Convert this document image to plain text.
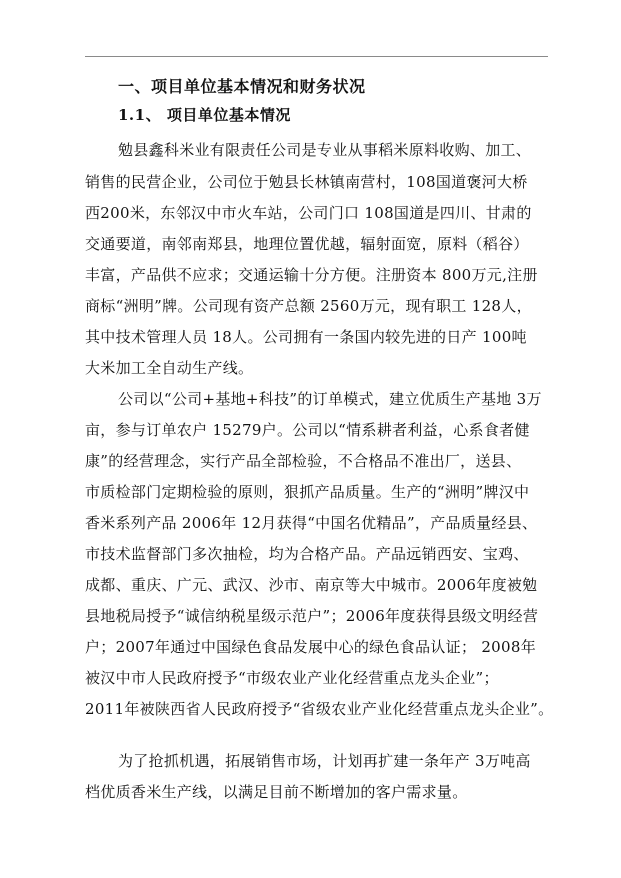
一、项目单位基本情况和财务状况
1.1、 项目单位基本情况
勉县鑫科米业有限责任公司是专业从事稻米原料收购、加工、
销售的民营企业，公司位于勉县长林镇南营村，108国道褒河大桥
西200米，东邻汉中市火车站，公司门口 108国道是四川、甘肃的
交通要道，南邻南郑县，地理位置优越，辐射面宽，原料（稻谷）
丰富，产品供不应求；交通运输十分方便。注册资本 800万元,注册
商标“洲明”牌。公司现有资产总额 2560万元，现有职工 128人，
其中技术管理人员 18人。公司拥有一条国内较先进的日产 100吨
大米加工全自动生产线。
公司以“公司+基地+科技”的订单模式，建立优质生产基地 3万
亩，参与订单农户 15279户。公司以“情系耕者利益，心系食者健
康”的经营理念，实行产品全部检验，不合格品不准出厂，送县、
市质检部门定期检验的原则，狠抓产品质量。生产的“洲明”牌汉中
香米系列产品 2006年 12月获得“中国名优精品”，产品质量经县、
市技术监督部门多次抽检，均为合格产品。产品远销西安、宝鸡、
成都、重庆、广元、武汉、沙市、南京等大中城市。2006年度被勉
县地税局授予“诚信纳税星级示范户”；2006年度获得县级文明经营
户；2007年通过中国绿色食品发展中心的绿色食品认证； 2008年
被汉中市人民政府授予“市级农业产业化经营重点龙头企业”；
2011年被陕西省人民政府授予“省级农业产业化经营重点龙头企业”。
为了抢抓机遇，拓展销售市场，计划再扩建一条年产 3万吨高
档优质香米生产线，以满足目前不断增加的客户需求量。
